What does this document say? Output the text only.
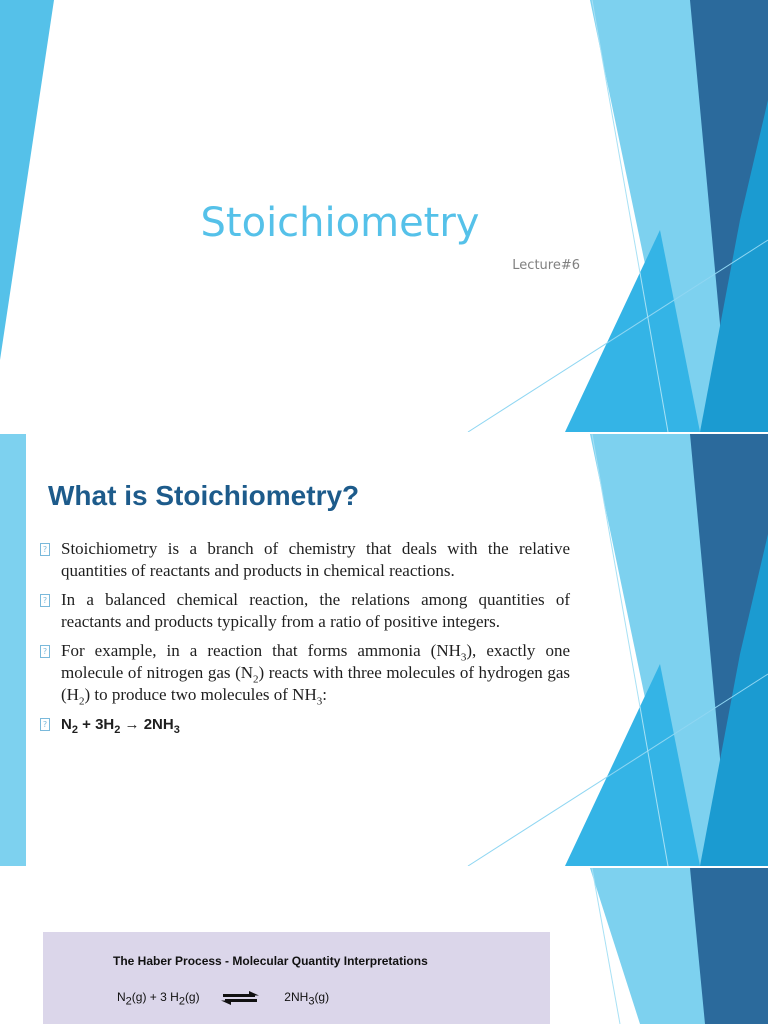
Stoichiometry
Lecture#6
What is Stoichiometry?
? Stoichiometry is a branch of chemistry that deals with the relative quantities of reactants and products in chemical reactions.
? In a balanced chemical reaction, the relations among quantities of reactants and products typically from a ratio of positive integers.
? For example, in a reaction that forms ammonia $(NH_3)$, exactly one molecule of nitrogen gas $(N_2)$ reacts with three molecules of hydrogen gas $(H_2)$ to produce two molecules of $NH_3$:
? $N_2 + 3H_2 \to 2NH_3$
The Haber Process - Molecular Quantity Interpretations
$N_2(g) + 3$ $H_2(g)$	$2NH_3(g)$
